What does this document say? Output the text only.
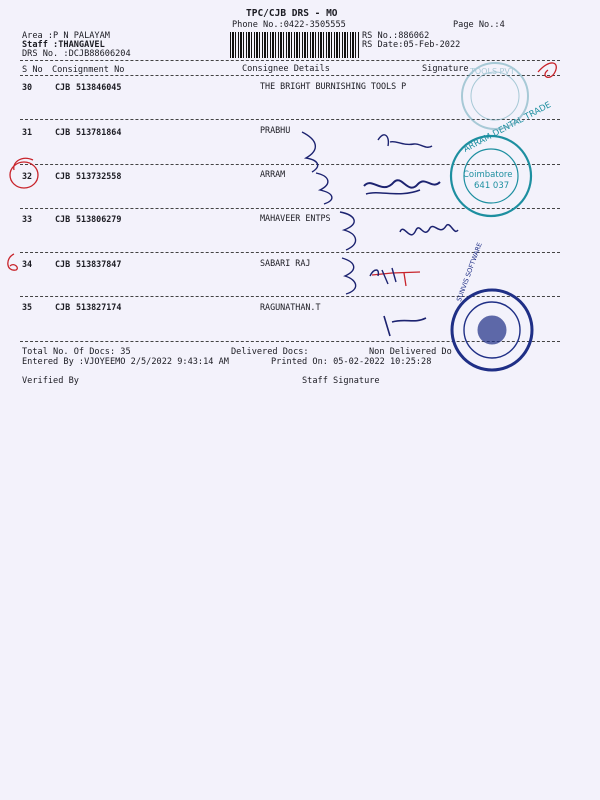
TPC/CJB DRS - MO
Phone No.:0422-3505555	Page No.:4
Area :P N PALAYAM
Staff :THANGAVEL
DRS No. :DCJB88606204
RS No.:886062
RS Date:05-Feb-2022
S No Consignment No	Consignee Details	Signature
30	CJB 513846045	THE BRIGHT BURNISHING TOOLS P
31	CJB 513781864	PRABHU
32	CJB 513732558	ARRAM
33	CJB 513806279	MAHAVEER ENTPS
34	CJB 513837847	SABARI RAJ
35	CJB 513827174	RAGUNATHAN.T
Total No. Of Docs: 35	Delivered Docs:	Non Delivered Do
Entered By :VJOYEEMO 2/5/2022 9:43:14 AM	Printed On: 05-02-2022 10:25:28
Verified By	Staff Signature
Coimbatore
641 037
ARRAM DENTAL TRADE
SUNVIS SOFTWARE
TOOLS PVT
